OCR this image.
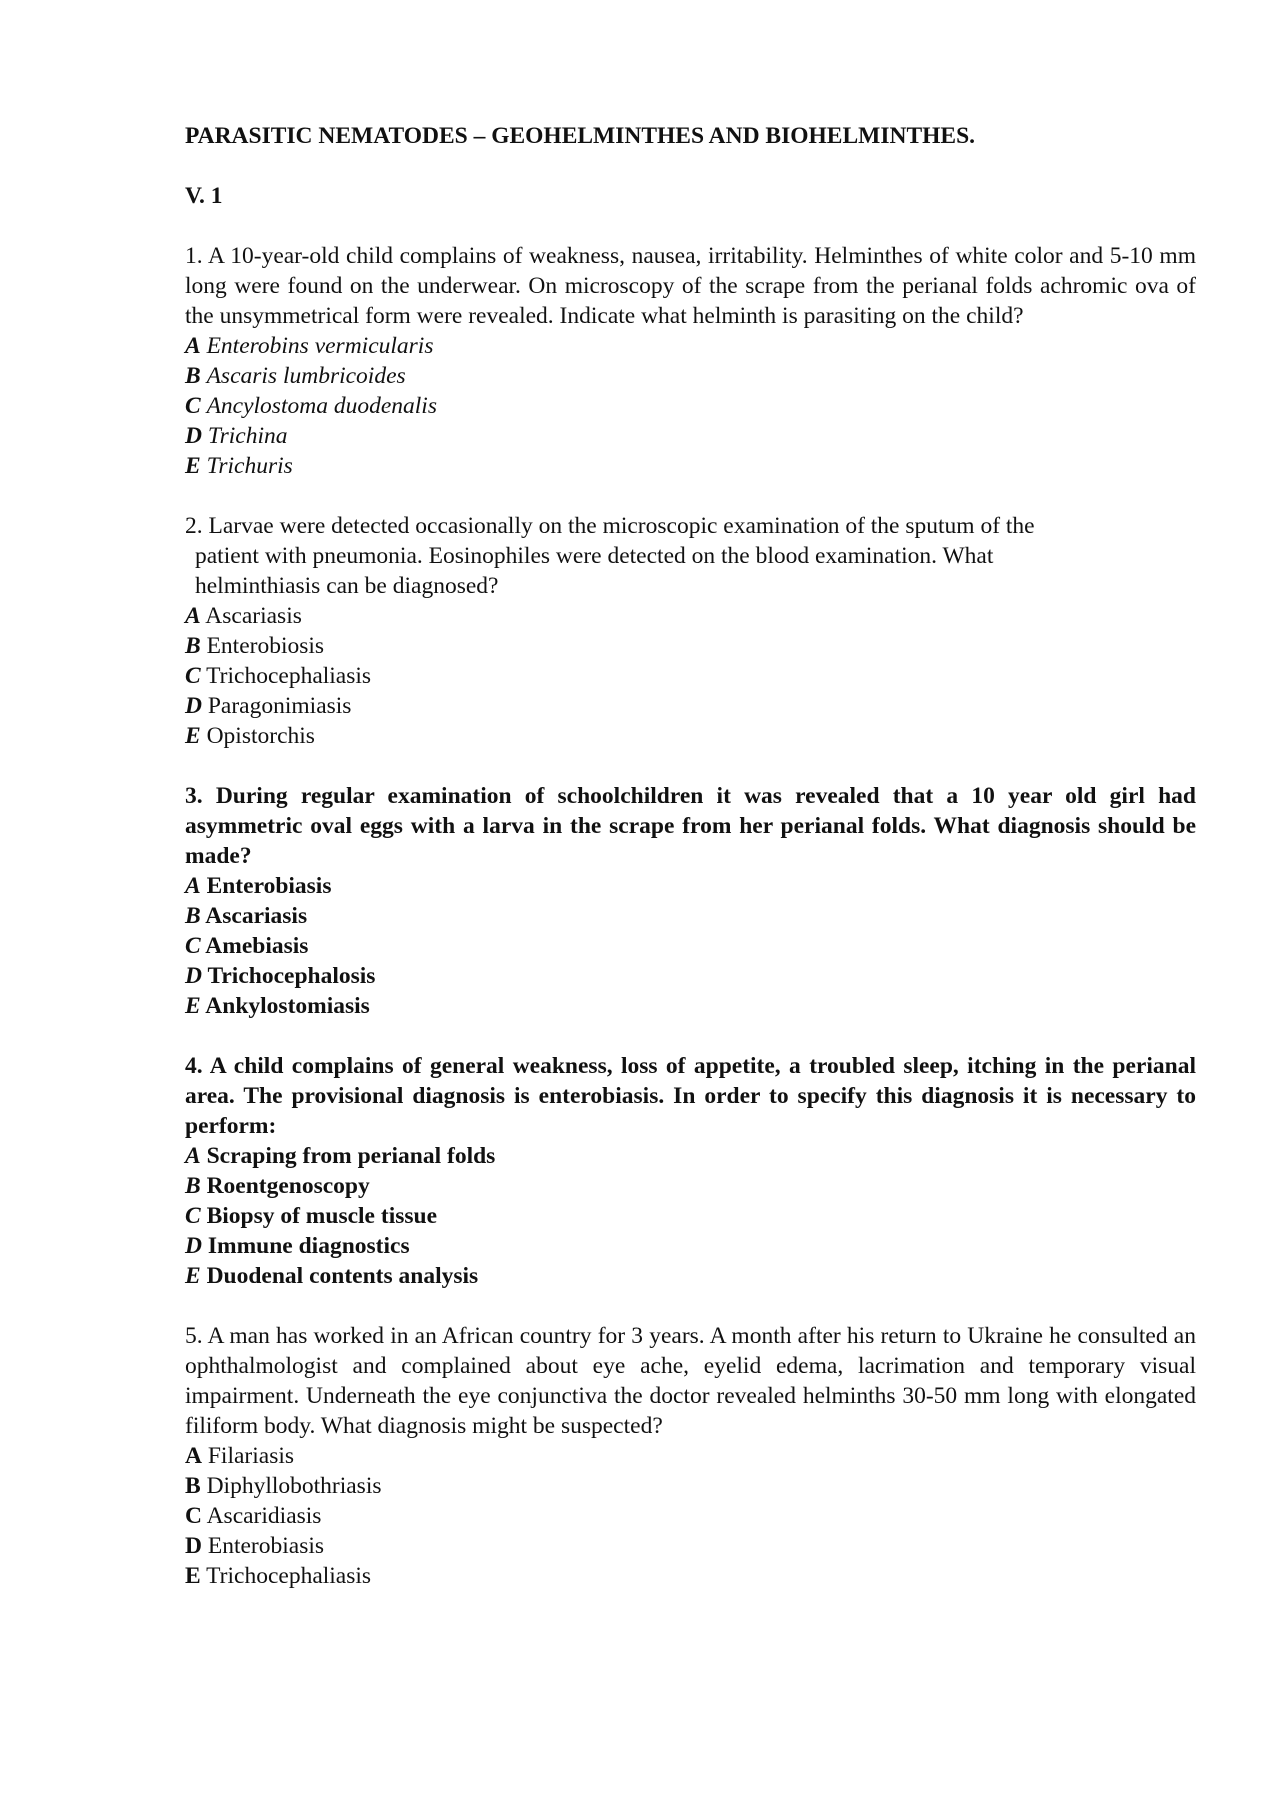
PARASITIC NEMATODES – GEOHELMINTHES AND BIOHELMINTHES.
V. 1
1. A 10-year-old child complains of weakness, nausea, irritability. Helminthes of white color and 5-10 mm long were found on the underwear. On microscopy of the scrape from the perianal folds achromic ova of the unsymmetrical form were revealed. Indicate what helminth is parasiting on the child?
A Enterobins vermicularis
B Ascaris lumbricoides
C Ancylostoma duodenalis
D Trichina
E Trichuris
2. Larvae were detected occasionally on the microscopic examination of the sputum of the
patient with pneumonia. Eosinophiles were detected on the blood examination. What
helminthiasis can be diagnosed?
A Ascariasis
B Enterobiosis
C Trichocephaliasis
D Paragonimiasis
E Opistorchis
3. During regular examination of schoolchildren it was revealed that a 10 year old girl had asymmetric oval eggs with a larva in the scrape from her perianal folds. What diagnosis should be made?
A Enterobiasis
B Ascariasis
C Amebiasis
D Trichocephalosis
E Ankylostomiasis
4. A child complains of general weakness, loss of appetite, a troubled sleep, itching in the perianal area. The provisional diagnosis is enterobiasis. In order to specify this diagnosis it is necessary to perform:
A Scraping from perianal folds
B Roentgenoscopy
C Biopsy of muscle tissue
D Immune diagnostics
E Duodenal contents analysis
5. A man has worked in an African country for 3 years. A month after his return to Ukraine he consulted an ophthalmologist and complained about eye ache, eyelid edema, lacrimation and temporary visual impairment. Underneath the eye conjunctiva the doctor revealed helminths 30-50 mm long with elongated filiform body. What diagnosis might be suspected?
A Filariasis
B Diphyllobothriasis
C Ascaridiasis
D Enterobiasis
E Trichocephaliasis
